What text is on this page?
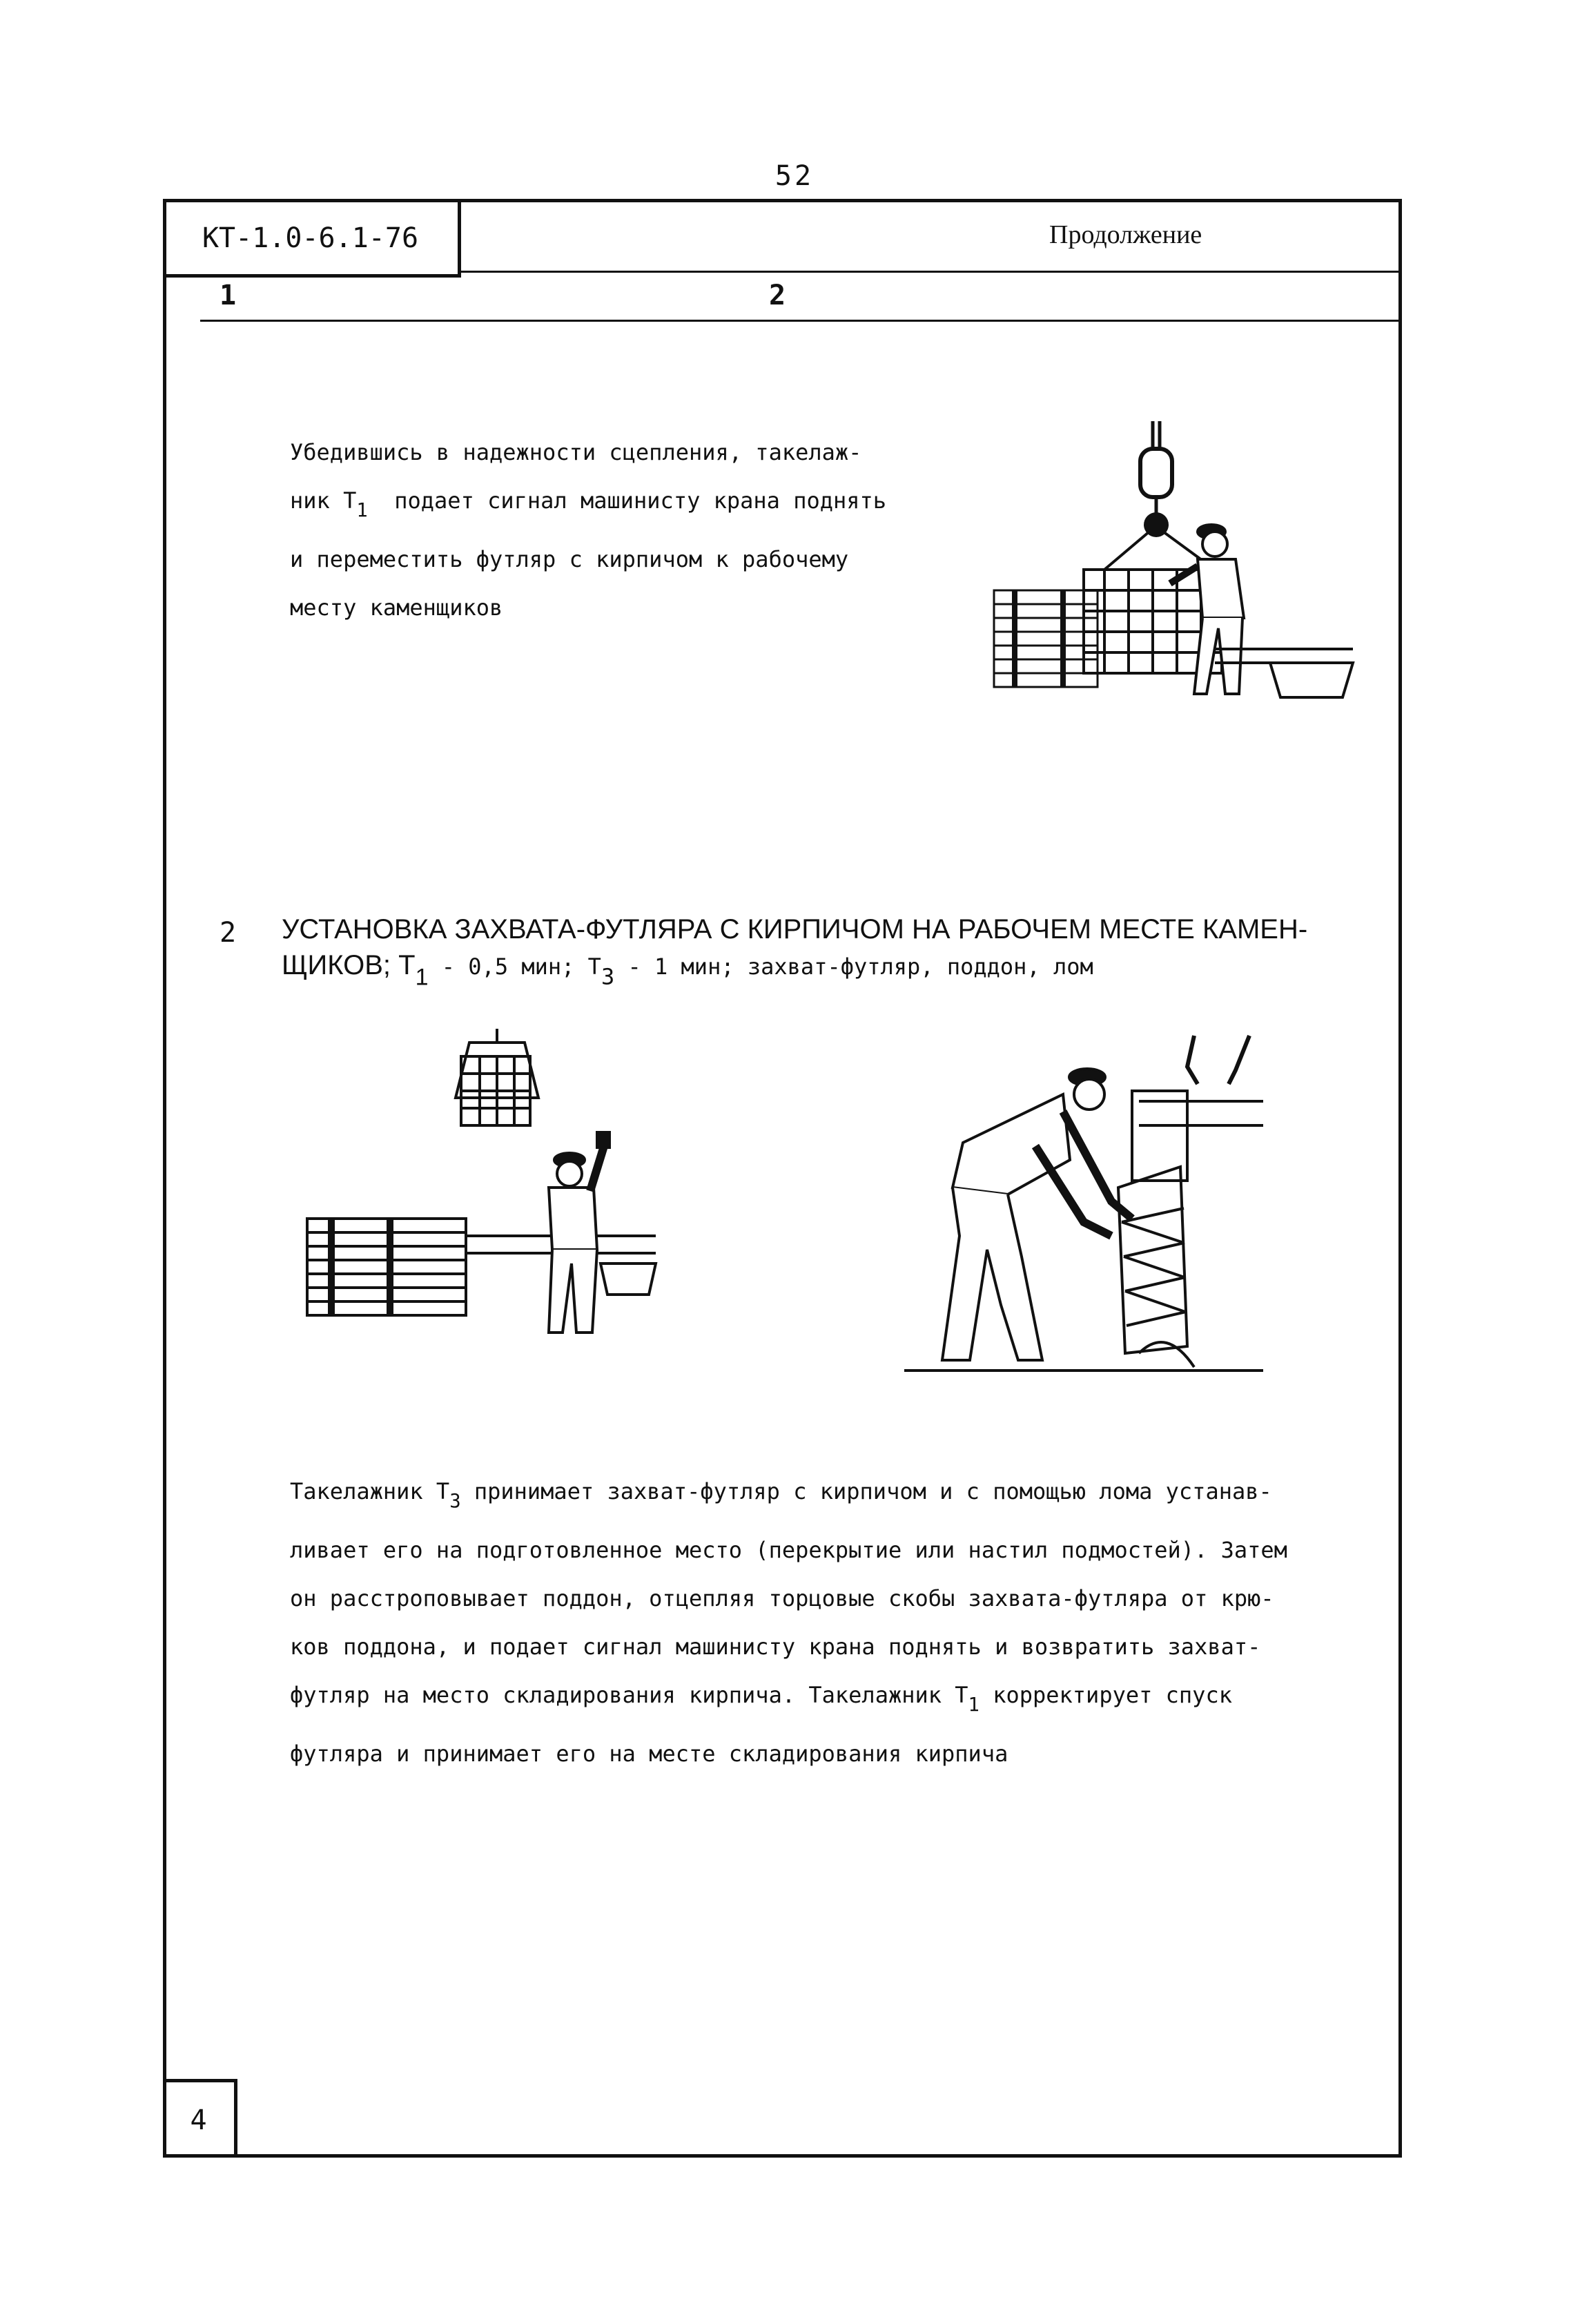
52
КТ-1.0-6.1-76	Продолжение
1	2
Убедившись в надежности сцепления, такелаж-
ник $Т_1$ подает сигнал машинисту крана поднять
и переместить футляр с кирпичом к рабочему
месту каменщиков
2 УСТАНОВКА ЗАХВАТА-ФУТЛЯРА С КИРПИЧОМ НА РАБОЧЕМ МЕСТЕ КАМЕН-
ЩИКОВ; $Т_1 - 0,5$ мин; $Т_3 - 1$ мин; захват-футляр, поддон, лом
Такелажник $Т_3$ принимает захват-футляр с кирпичом и с помощью лома устанав-
ливает его на подготовленное место (перекрытие или настил подмостей). Затем
он расстроповывает поддон, отцепляя торцовые скобы захвата-футляра от крю-
ков поддона, и подает сигнал машинисту крана поднять и возвратить захват-
футляр на место складирования кирпича. Такелажник $Т_1$ корректирует спуск
футляра и принимает его на месте складирования кирпича
4
